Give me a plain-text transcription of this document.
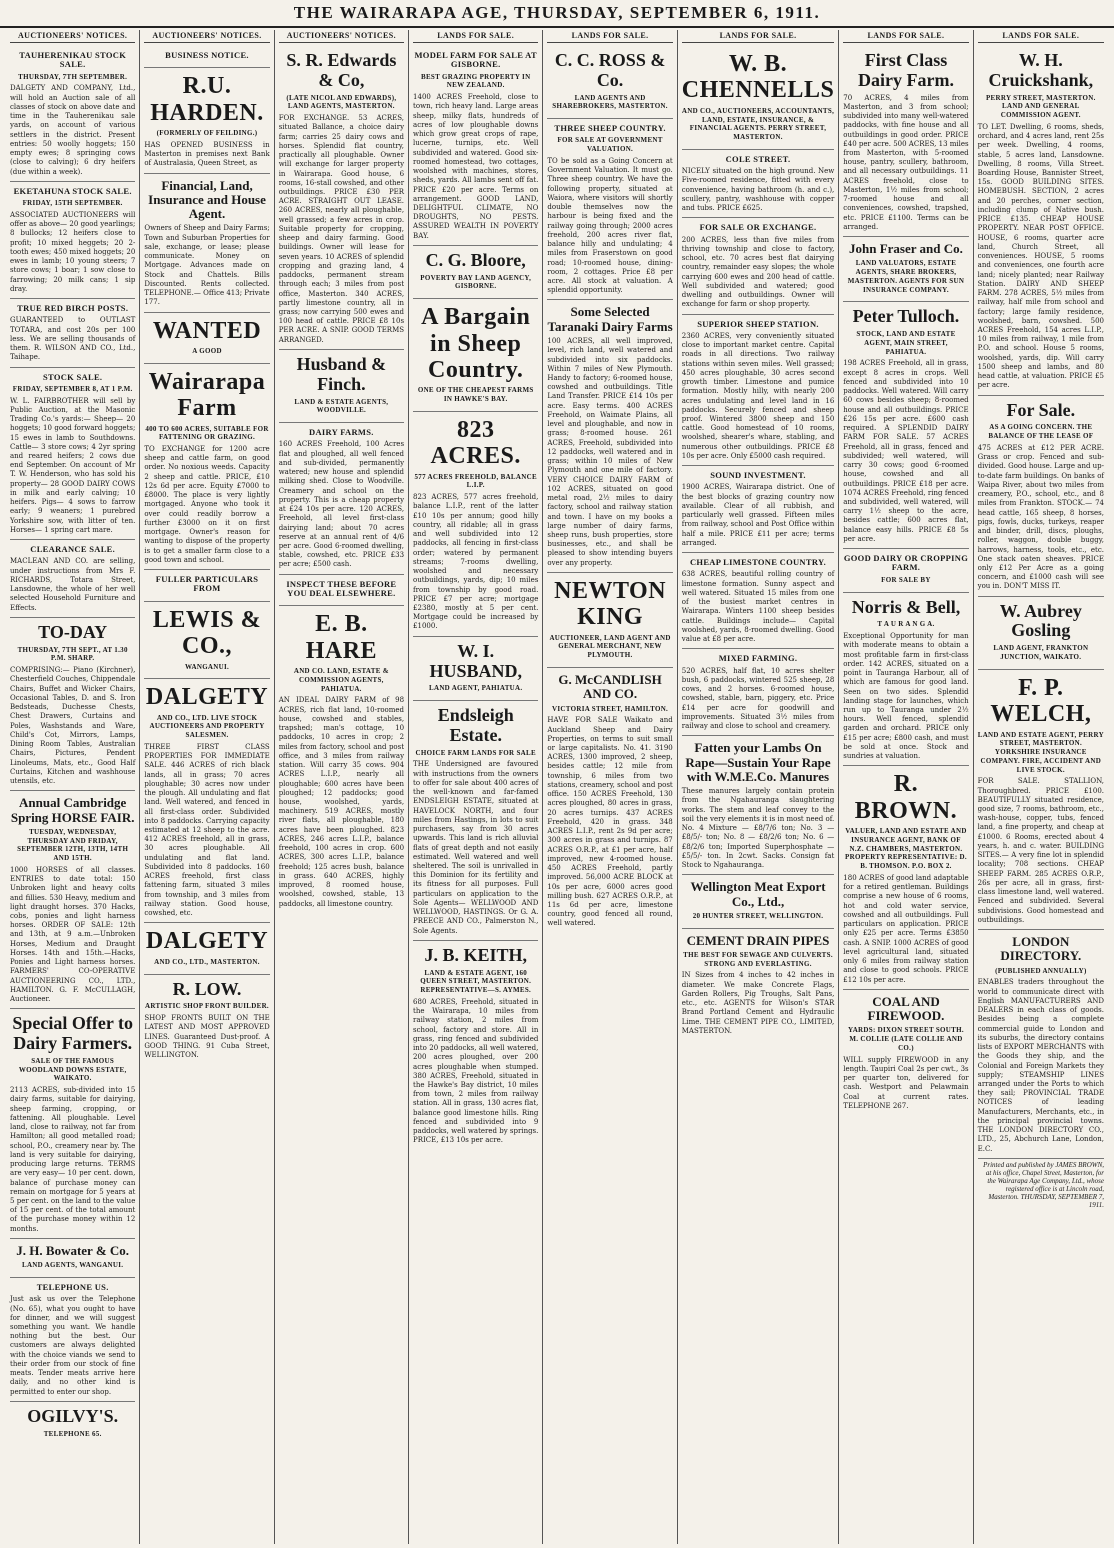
THE WAIRARAPA AGE, THURSDAY, SEPTEMBER 6, 1911.
AUCTIONEERS' NOTICES.
TAUHERENIKAU STOCK SALE.
THURSDAY, 7TH SEPTEMBER.

DALGETY AND COMPANY, Ltd., will hold an Auction sale of all classes of stock on above date and time in the Tauherenikau sale yards, on account of various settlers in the district. Present entries: 50 woolly hoggets; 150 empty ewes; 8 springing cows (close to calving); 6 dry heifers (due within a week).

EKETAHUNA STOCK SALE.
FRIDAY, 15TH SEPTEMBER.

ASSOCIATED AUCTIONEERS will offer as above— 20 good yearlings; 8 bullocks; 12 heifers close to profit; 10 mixed heggets; 20 2-tooth ewes; 450 mixed hoggets; 20 ewes in lamb; 10 young steers; 7 store cows; 1 boar; 1 sow close to farrowing; 20 milk cans; 1 sip dray.

TRUE RED BIRCH POSTS.

GUARANTEED to OUTLAST TOTARA, and cost 20s per 100 less. We are selling thousands of them. R. WILSON AND CO., Ltd., Taihape.

STOCK SALE.
FRIDAY, SEPTEMBER 8, AT 1 P.M.

W. L. FAIRBROTHER will sell by Public Auction, at the Masonic Trading Co.'s yards:— Sheep— 20 hoggets; 10 good forward hoggets; 15 ewes in lamb to Southdowns. Cattle— 3 store cows; 4 2yr spring and reared heifers; 2 cows due end September. On account of Mr T. W. Henderson, who has sold his property— 28 GOOD DAIRY COWS in milk and early calving; 10 heifers. Pigs— 4 sows to farrow early; 9 weaners; 1 purebred Yorkshire sow, with litter of ten. Horses— 1 spring cart mare.

CLEARANCE SALE.

MACLEAN AND CO. are selling, under instructions from Mrs F. RICHARDS, Totara Street, Lansdowne, the whole of her well selected Household Furniture and Effects.

TO-DAY
THURSDAY, 7TH SEPT., AT 1.30 P.M. SHARP.

COMPRISING:— Piano (Kirchner), Chesterfield Couches, Chippendale Chairs, Buffet and Wicker Chairs, Occasional Tables, D. and S. Iron Bedsteads, Duchesse Chests, Chest Drawers, Curtains and Poles, Washstands and Ware, Child's Cot, Mirrors, Lamps, Dining Room Tables, Australian Chairs, Pictures, Pendent Linoleums, Mats, etc., Good Half Curtains, Kitchen and washhouse utensils, etc.

Annual Cambridge Spring HORSE FAIR.
TUESDAY, WEDNESDAY, THURSDAY AND FRIDAY, SEPTEMBER 12TH, 13TH, 14TH AND 15TH.

1000 HORSES of all classes. ENTRIES to date total: 150 Unbroken light and heavy colts and fillies. 530 Heavy, medium and light draught horses. 370 Hacks, cobs, ponies and light harness horses. ORDER OF SALE: 12th and 13th, at 9 a.m.—Unbroken Horses, Medium and Draught Horses. 14th and 15th.—Hacks, Ponies and Light harness horses. FARMERS' CO-OPERATIVE AUCTIONEERING CO., LTD., HAMILTON. G. F. McCULLAGH, Auctioneer.

Special Offer to Dairy Farmers.
SALE OF THE FAMOUS WOODLAND DOWNS ESTATE, WAIKATO.

2113 ACRES, sub-divided into 15 dairy farms, suitable for dairying, sheep farming, cropping, or fattening. All ploughable. Level land, close to railway, not far from Hamilton; all good metalled road; school, P.O., creamery near by. The land is very suitable for dairying, producing large returns. TERMS are very easy— 10 per cent. down, balance of purchase money can remain on mortgage for 5 years at 5 per cent. on the land to the value of 15 per cent. of the total amount of the purchase money within 12 months.

J. H. Bowater & Co.
LAND AGENTS, WANGANUI.
TELEPHONE US.

Just ask us over the Telephone (No. 65), what you ought to have for dinner, and we will suggest something you want. We handle nothing but the best. Our customers are always delighted with the choice viands we send to their order from our stock of fine meats. Tender meats arrive here daily, and no other kind is permitted to enter our shop.

OGILVY'S.
TELEPHONE 65.
AUCTIONEERS' NOTICES.
BUSINESS NOTICE.
R.U. HARDEN.
(FORMERLY OF FEILDING.)

HAS OPENED BUSINESS in Masterton in premises next Bank of Australasia, Queen Street, as

Financial, Land, Insurance and House Agent.

Owners of Sheep and Dairy Farms; Town and Suburban Properties for sale, exchange, or lease; please communicate. Money on Mortgage. Advances made on Stock and Chattels. Bills Discounted. Rents collected. TELEPHONE.— Office 413; Private 177.

WANTED
A GOOD
Wairarapa Farm
400 TO 600 ACRES, SUITABLE FOR FATTENING OR GRAZING.

TO EXCHANGE for 1200 acre sheep and cattle farm, on good order. No noxious weeds. Capacity 2 sheep and cattle. PRICE, £10 12s 6d per acre. Equity £7000 to £8000. The place is very lightly mortgaged. Anyone who took it over could readily borrow a further £3000 on it on first mortgage. Owner's reason for wanting to dispose of the property is to get a smaller farm close to a good town and school.

FULLER PARTICULARS FROM
LEWIS & CO.,
WANGANUI.
DALGETY
AND CO., LTD. LIVE STOCK AUCTIONEERS AND PROPERTY SALESMEN.

THREE FIRST CLASS PROPERTIES FOR IMMEDIATE SALE. 446 ACRES of rich black lands, all in grass; 70 acres ploughable; 30 acres now under the plough. All undulating and flat land. Well watered, and fenced in all first-class order. Subdivided into 8 paddocks. Carrying capacity estimated at 12 sheep to the acre. 412 ACRES freehold, all in grass, 30 acres ploughable. All undulating and flat land. Subdivided into 8 paddocks. 160 ACRES freehold, first class fattening farm, situated 3 miles from township, and 3 miles from railway station. Good house, cowshed, etc.

DALGETY
AND CO., LTD., MASTERTON.
R. LOW.
ARTISTIC SHOP FRONT BUILDER.

SHOP FRONTS BUILT ON THE LATEST AND MOST APPROVED LINES. Guaranteed Dust-proof. A GOOD THING. 91 Cuba Street, WELLINGTON.

AUCTIONEERS' NOTICES.
S. R. Edwards & Co,
(LATE NICOL AND EDWARDS), LAND AGENTS, MASTERTON.

FOR EXCHANGE. 53 ACRES, situated Ballance, a choice dairy farm; carries 25 dairy cows and horses. Splendid flat country, practically all ploughable. Owner will exchange for larger property in Wairarapa. Good house, 6 rooms, 16-stall cowshed, and other outbuildings. PRICE £30 PER ACRE. STRAIGHT OUT LEASE. 260 ACRES, nearly all ploughable, well grassed; a few acres in crop. Suitable property for cropping, sheep and dairy farming. Good buildings. Owner will lease for seven years. 10 ACRES of splendid cropping and grazing land, 4 paddocks, permanent stream through each; 3 miles from post office, Masterton. 340 ACRES, partly limestone country, all in grass; now carrying 500 ewes and 100 head of cattle. PRICE £8 10s PER ACRE. A SNIP. GOOD TERMS ARRANGED.

Husband & Finch.
LAND & ESTATE AGENTS, WOODVILLE.
DAIRY FARMS.

160 ACRES Freehold, 100 Acres flat and ploughed, all well fenced and sub-divided, permanently watered; new house and splendid milking shed. Close to Woodville. Creamery and school on the property. This is a cheap property at £24 10s per acre. 120 ACRES, Freehold, all level first-class dairying land; about 70 acres reserve at an annual rent of 4/6 per acre. Good 6-roomed dwelling, stable, cowshed, etc. PRICE £33 per acre; £500 cash.

INSPECT THESE BEFORE YOU DEAL ELSEWHERE.
E. B. HARE
AND CO. LAND, ESTATE & COMMISSION AGENTS, PAHIATUA.

AN IDEAL DAIRY FARM of 98 ACRES, rich flat land, 10-roomed house, cowshed and stables, trapshed; man's cottage, 10 paddocks, 10 acres in crop; 2 miles from factory, school and post office, and 3 miles from railway station. Will carry 35 cows. 904 ACRES L.I.P., nearly all ploughable; 600 acres have been ploughed; 12 paddocks; good house, woolshed, yards, machinery. 519 ACRES, mostly river flats, all ploughable, 180 acres have been ploughed. 823 ACRES, 246 acres L.I.P., balance freehold, 100 acres in crop. 600 ACRES, 300 acres L.I.P., balance freehold; 125 acres bush, balance in grass. 640 ACRES, highly improved, 8 roomed house, woolshed, cowshed, stable, 13 paddocks, all limestone country.

LANDS FOR SALE.
MODEL FARM FOR SALE AT GISBORNE.
BEST GRAZING PROPERTY IN NEW ZEALAND.

1400 ACRES Freehold, close to town, rich heavy land. Large areas sheep, milky flats, hundreds of acres of low ploughable downs which grow great crops of rape, lucerne, turnips, etc. Well subdivided and watered. Good six-roomed homestead, two cottages, woolshed with machines, stores, sheds, yards. All lambs sent off fat. PRICE £20 per acre. Terms on arrangement. GOOD LAND, DELIGHTFUL CLIMATE, NO DROUGHTS, NO PESTS. ASSURED WEALTH IN POVERTY BAY.

C. G. Bloore,
POVERTY BAY LAND AGENCY, GISBORNE.
A Bargain in Sheep Country.
ONE OF THE CHEAPEST FARMS IN HAWKE'S BAY.
823 ACRES.
577 ACRES FREEHOLD, BALANCE L.I.P.

823 ACRES, 577 acres freehold, balance L.I.P., rent of the latter £10 10s per annum; good hilly country, all ridable; all in grass and well subdivided into 12 paddocks, all fencing in first-class order; watered by permanent streams; 7-rooms dwelling, woolshed and necessary outbuildings, yards, dip; 10 miles from township by good road. PRICE £7 per acre; mortgage £2380, mostly at 5 per cent. Mortgage could be increased by £1000.

W. I. HUSBAND,
LAND AGENT, PAHIATUA.
Endsleigh Estate.
CHOICE FARM LANDS FOR SALE

THE Undersigned are favoured with instructions from the owners to offer for sale about 400 acres of the well-known and far-famed ENDSLEIGH ESTATE, situated at HAVELOCK NORTH, and four miles from Hastings, in lots to suit purchasers, say from 30 acres upwards. This land is rich alluvial flats of great depth and not easily estimated. Well watered and well sheltered. The soil is unrivalled in this Dominion for its fertility and its fitness for all purposes. Full particulars on application to the Sole Agents— WELLWOOD AND WELLWOOD, HASTINGS. Or G. A. PREECE AND CO., Palmerston N., Sole Agents.

J. B. KEITH,
LAND & ESTATE AGENT, 160 QUEEN STREET, MASTERTON. REPRESENTATIVE—S. AYMES.

680 ACRES, Freehold, situated in the Wairarapa, 10 miles from railway station, 2 miles from school, factory and store. All in grass, ring fenced and subdivided into 20 paddocks, all well watered, 200 acres ploughed, over 200 acres ploughable when stumped. 380 ACRES, Freehold, situated in the Hawke's Bay district, 10 miles from town, 2 miles from railway station. All in grass, 130 acres flat, balance good limestone hills. Ring fenced and subdivided into 9 paddocks, well watered by springs. PRICE, £13 10s per acre.

LANDS FOR SALE.
C. C. ROSS & Co.
LAND AGENTS AND SHAREBROKERS, MASTERTON.
THREE SHEEP COUNTRY.
FOR SALE AT GOVERNMENT VALUATION.

TO be sold as a Going Concern at Government Valuation. It must go. Three sheep country. We have the following property, situated at Waiora, where visitors will shortly double themselves now the harbour is being fixed and the railway going through; 2000 acres freehold, 200 acres river flat, balance hilly and undulating; 4 miles from Fraserstown on good road; 10-roomed house, dining-room, 2 cottages. Price £8 per acre. All stock at valuation. A splendid opportunity.

Some Selected Taranaki Dairy Farms

100 ACRES, all well improved, level, rich land, well watered and subdivided into six paddocks. Within 7 miles of New Plymouth. Handy to factory; 6-roomed house, cowshed and outbuildings. Title Land Transfer. PRICE £14 10s per acre. Easy terms. 400 ACRES Freehold, on Waimate Plains, all level and ploughable, and now in grass; 8-roomed house. 261 ACRES, Freehold, subdivided into 12 paddocks, well watered and in grass; within 10 miles of New Plymouth and one mile of factory. VERY CHOICE DAIRY FARM of 102 ACRES, situated on good metal road, 2½ miles to dairy factory, school and railway station and town. I have on my books a large number of dairy farms, sheep runs, bush properties, store businesses, etc., and shall be pleased to show intending buyers over any property.

NEWTON KING
AUCTIONEER, LAND AGENT AND GENERAL MERCHANT, NEW PLYMOUTH.
G. McCANDLISH AND CO.
VICTORIA STREET, HAMILTON.

HAVE FOR SALE Waikato and Auckland Sheep and Dairy Properties, on terms to suit small or large capitalists. No. 41. 3190 ACRES, 1300 improved, 2 sheep, besides cattle; 12 mile from township, 6 miles from two stations, creamery, school and post office. 150 ACRES Freehold, 130 acres ploughed, 80 acres in grass, 20 acres turnips. 437 ACRES Freehold, 420 in grass. 348 ACRES L.I.P., rent 2s 9d per acre; 300 acres in grass and turnips. 87 ACRES O.R.P., at £1 per acre, half improved, new 4-roomed house. 450 ACRES Freehold, partly improved. 56,000 ACRE BLOCK at 10s per acre, 6000 acres good milling bush. 627 ACRES O.R.P., at 11s 6d per acre, limestone country, good fenced all round, well watered.

LANDS FOR SALE.
W. B. CHENNELLS
AND CO., AUCTIONEERS, ACCOUNTANTS, LAND, ESTATE, INSURANCE, & FINANCIAL AGENTS. PERRY STREET, MASTERTON.
COLE STREET.

NICELY situated on the high ground. New Five-roomed residence, fitted with every convenience, having bathroom (h. and c.), scullery, pantry, washhouse with copper and tubs. PRICE £625.

FOR SALE OR EXCHANGE.

200 ACRES, less than five miles from thriving township and close to factory, school, etc. 70 acres best flat dairying country, remainder easy slopes; the whole carrying 600 ewes and 200 head of cattle. Well subdivided and watered; good dwelling and outbuildings. Owner will exchange for farm or shop property.

SUPERIOR SHEEP STATION.

2360 ACRES, very conveniently situated close to important market centre. Capital roads in all directions. Two railway stations within seven miles. Well grassed; 450 acres ploughable, 30 acres second growth timber. Limestone and pumice formation. Mostly hilly, with nearly 200 acres undulating and level land in 16 paddocks. Securely fenced and sheep proof. Wintered 3800 sheep and 150 cattle. Good homestead of 10 rooms, woolshed, shearer's whare, stabling, and numerous other outbuildings. PRICE £8 10s per acre. Only £5000 cash required.

SOUND INVESTMENT.

1900 ACRES, Wairarapa district. One of the best blocks of grazing country now available. Clear of all rubbish, and particularly well grassed. Fifteen miles from railway, school and Post Office within half a mile. PRICE £11 per acre; terms arranged.

CHEAP LIMESTONE COUNTRY.

638 ACRES, beautiful rolling country of limestone formation. Sunny aspect and well watered. Situated 15 miles from one of the busiest market centres in Wairarapa. Winters 1100 sheep besides cattle. Buildings include— Capital woolshed, yards, 8-roomed dwelling. Good value at £8 per acre.

MIXED FARMING.

520 ACRES, half flat, 10 acres shelter bush, 6 paddocks, wintered 525 sheep, 28 cows, and 2 horses. 6-roomed house, cowshed, stable, barn, piggery, etc. Price £14 per acre for goodwill and improvements. Situated 3½ miles from railway and close to school and creamery.

Fatten your Lambs On Rape—Sustain Your Rape with W.M.E.Co. Manures

These manures largely contain protein from the Ngahauranga slaughtering works. The stem and leaf convey to the soil the very elements it is in most need of. No. 4 Mixture — £8/7/6 ton; No. 3 — £8/5/- ton; No. 8 — £8/2/6 ton; No. 6 — £8/2/6 ton; Imported Superphosphate — £5/5/- ton. In 2cwt. Sacks. Consign fat Stock to Ngahauranga.

Wellington Meat Export Co., Ltd.,
20 HUNTER STREET, WELLINGTON.
CEMENT DRAIN PIPES
THE BEST FOR SEWAGE AND CULVERTS. STRONG AND EVERLASTING.

IN Sizes from 4 inches to 42 inches in diameter. We make Concrete Flags, Garden Rollers, Pig Troughs, Salt Pans, etc., etc. AGENTS for Wilson's STAR Brand Portland Cement and Hydraulic Lime. THE CEMENT PIPE CO., LIMITED, MASTERTON.

LANDS FOR SALE.
First Class Dairy Farm.

70 ACRES, 4 miles from Masterton, and 3 from school; subdivided into many well-watered paddocks, with fine house and all outbuildings in good order. PRICE £40 per acre. 500 ACRES, 13 miles from Masterton, with 5-roomed house, pantry, scullery, bathroom, and all necessary outbuildings. 11 ACRES freehold, close to Masterton, 1½ miles from school; 7-roomed house and all conveniences, cowshed, trapshed, etc. PRICE £1100. Terms can be arranged.

John Fraser and Co.
LAND VALUATORS, ESTATE AGENTS, SHARE BROKERS, MASTERTON. AGENTS FOR SUN INSURANCE COMPANY.
Peter Tulloch.
STOCK, LAND AND ESTATE AGENT, MAIN STREET, PAHIATUA.

198 ACRES Freehold, all in grass, except 8 acres in crops. Well fenced and subdivided into 10 paddocks. Well watered. Will carry 60 cows besides sheep; 8-roomed house and all outbuildings. PRICE £26 15s per acre. £600 cash required. A SPLENDID DAIRY FARM FOR SALE. 57 ACRES Freehold, all in grass, fenced and subdivided; well watered, will carry 30 cows; good 6-roomed house, cowshed and all outbuildings. PRICE £18 per acre. 1074 ACRES Freehold, ring fenced and subdivided, well watered, will carry 1½ sheep to the acre, besides cattle; 600 acres flat, balance easy hills. PRICE £8 5s per acre.

GOOD DAIRY OR CROPPING FARM.
FOR SALE BY
Norris & Bell,
T A U R A N G A.

Exceptional Opportunity for man with moderate means to obtain a most profitable farm in first-class order. 142 ACRES, situated on a point in Tauranga Harbour, all of which are famous for good land. Seen on two sides. Splendid landing stage for launches, which run up to Tauranga under 2½ hours. Well fenced, splendid garden and orchard. PRICE only £15 per acre; £800 cash, and must be sold at once. Stock and sundries at valuation.

R. BROWN.
VALUER, LAND AND ESTATE AND INSURANCE AGENT, BANK OF N.Z. CHAMBERS, MASTERTON. PROPERTY REPRESENTATIVE: D. B. THOMSON. P.O. BOX 2.

180 ACRES of good land adaptable for a retired gentleman. Buildings comprise a new house of 6 rooms, hot and cold water service, cowshed and all outbuildings. Full particulars on application. PRICE only £25 per acre. Terms £3850 cash. A SNIP. 1000 ACRES of good level agricultural land, situated only 6 miles from railway station and close to good schools. PRICE £12 10s per acre.

COAL AND FIREWOOD.
YARDS: DIXON STREET SOUTH. M. COLLIE (LATE COLLIE AND CO.)

WILL supply FIREWOOD in any length. Taupiri Coal 2s per cwt., 3s per quarter ton, delivered for cash. Westport and Pelawmain Coal at current rates. TELEPHONE 267.

LANDS FOR SALE.
W. H. Cruickshank,
PERRY STREET, MASTERTON. LAND AND GENERAL COMMISSION AGENT.

TO LET. Dwelling, 6 rooms, sheds, orchard, and 4 acres land, rent 25s per week. Dwelling, 4 rooms, stable, 5 acres land, Lansdowne. Dwelling, 8 rooms, Villa Street. Boarding House, Bannister Street, 15s. GOOD BUILDING SITES. HOMEBUSH. SECTION, 2 acres and 20 perches, corner section, including clump of Native bush. PRICE £135. CHEAP HOUSE PROPERTY. NEAR POST OFFICE. HOUSE, 6 rooms, quarter acre land, Church Street, all conveniences. HOUSE, 5 rooms and conveniences, one fourth acre land; nicely planted; near Railway Station. DAIRY AND SHEEP FARM. 278 ACRES, 5½ miles from railway, half mile from school and factory; large family residence, woolshed, barn, cowshed. 500 ACRES Freehold, 154 acres L.I.P., 10 miles from railway, 1 mile from P.O. and school. House 5 rooms, woolshed, yards, dip. Will carry 1500 sheep and lambs, and 80 head cattle, at valuation. PRICE £5 per acre.

For Sale.
AS A GOING CONCERN. THE BALANCE OF THE LEASE OF

475 ACRES at £12 PER ACRE. Grass or crop. Fenced and sub-divided. Good house. Large and up-to-date farm buildings. On banks of Waipa River, about two miles from creamery, P.O., school, etc., and 8 miles from Frankton. STOCK.— 74 head cattle, 165 sheep, 8 horses, pigs, fowls, ducks, turkeys, reaper and binder, drill, discs, ploughs, roller, waggon, double buggy, harrows, harness, tools, etc., etc. One stack oaten sheaves. PRICE only £12 Per Acre as a going concern, and £1000 cash will see you in. DON'T MISS IT.

W. Aubrey Gosling
LAND AGENT, FRANKTON JUNCTION, WAIKATO.
F. P. WELCH,
LAND AND ESTATE AGENT, PERRY STREET, MASTERTON. YORKSHIRE INSURANCE COMPANY. FIRE, ACCIDENT AND LIVE STOCK.

FOR SALE. STALLION, Thoroughbred. PRICE £100. BEAUTIFULLY situated residence, good size, 7 rooms, bathroom, etc., wash-house, copper, tubs, fenced land, a fine property, and cheap at £1000. 6 Rooms, erected about 4 years, h. and c. water. BUILDING SITES.— A very fine lot in splendid locality; 708 sections. CHEAP SHEEP FARM. 285 ACRES O.R.P., 26s per acre, all in grass, first-class limestone land, well watered. Fenced and subdivided. Several subdivisions. Good homestead and outbuildings.

LONDON DIRECTORY.
(PUBLISHED ANNUALLY)

ENABLES traders throughout the world to communicate direct with English MANUFACTURERS AND DEALERS in each class of goods. Besides being a complete commercial guide to London and its suburbs, the directory contains lists of EXPORT MERCHANTS with the Goods they ship, and the Colonial and Foreign Markets they supply; STEAMSHIP LINES arranged under the Ports to which they sail; PROVINCIAL TRADE NOTICES of leading Manufacturers, Merchants, etc., in the principal provincial towns. THE LONDON DIRECTORY CO., LTD., 25, Abchurch Lane, London, E.C.

Printed and published by JAMES BROWN, at his office, Chapel Street, Masterton, for the Wairarapa Age Company, Ltd., whose registered office is at Lincoln road, Masterton. THURSDAY, SEPTEMBER 7, 1911.
